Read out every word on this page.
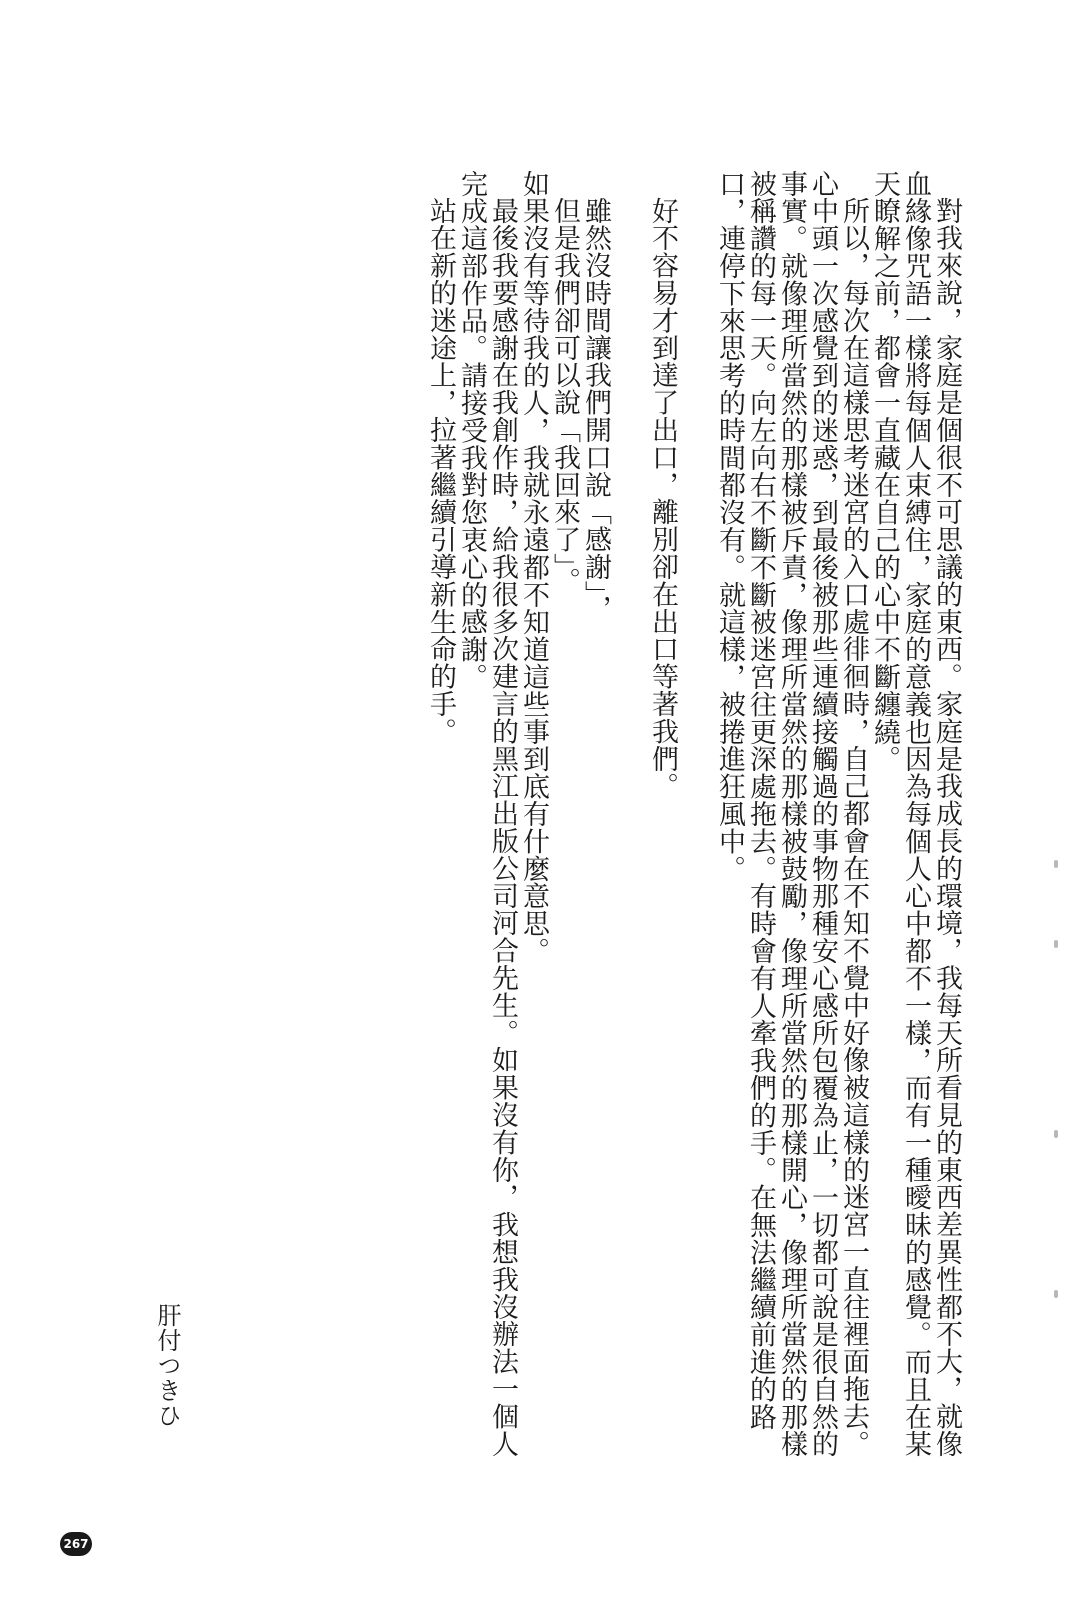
對我來說，家庭是個很不可思議的東西。家庭是我成長的環境，我每天所看見的東西差異性都不大，就像血緣像咒語一樣將每個人束縛住，家庭的意義也因為每個人心中都不一樣，而有一種曖昧的感覺。而且在某天瞭解之前，都會一直藏在自己的心中不斷纏繞。

所以，每次在這樣思考迷宮的入口處徘徊時，自己都會在不知不覺中好像被這樣的迷宮一直往裡面拖去。心中頭一次感覺到的迷惑，到最後被那些連續接觸過的事物那種安心感所包覆為止，一切都可說是很自然的事實。就像理所當然的那樣被斥責，像理所當然的那樣被鼓勵，像理所當然的那樣開心，像理所當然的那樣被稱讚的每一天。向左向右不斷不斷被迷宮往更深處拖去。有時會有人牽我們的手。在無法繼續前進的路口，連停下來思考的時間都沒有。就這樣，被捲進狂風中。

好不容易才到達了出口，離別卻在出口等著我們。

雖然沒時間讓我們開口說「感謝」，

但是我們卻可以說「我回來了」。

如果沒有等待我的人，我就永遠都不知道這些事到底有什麼意思。

最後我要感謝在我創作時，給我很多次建言的黑江出版公司河合先生。如果沒有你，我想我沒辦法一個人完成這部作品。請接受我對您衷心的感謝。

站在新的迷途上，拉著繼續引導新生命的手。

肝付つきひ
267
